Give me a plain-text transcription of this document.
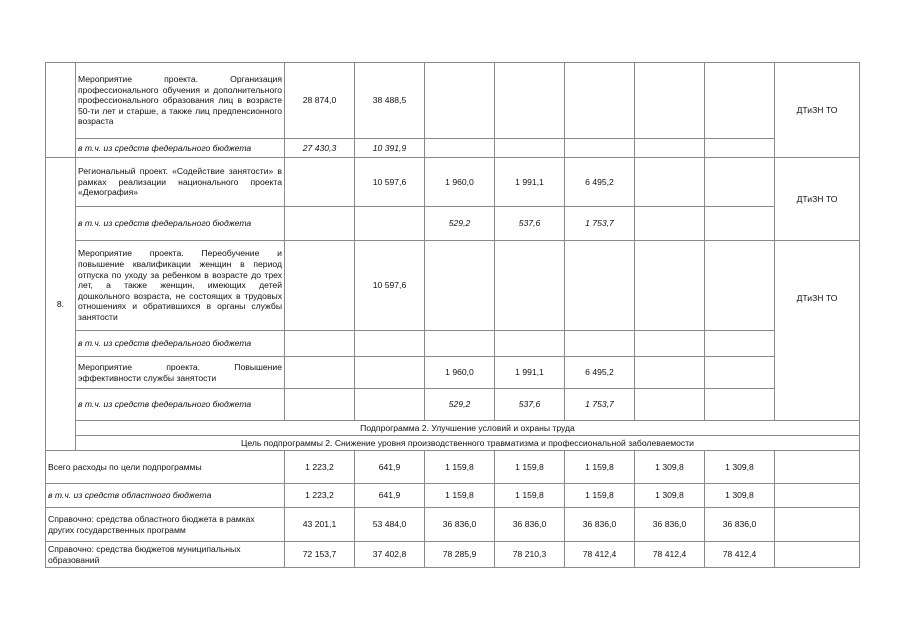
	Мероприятие проекта. Организация профессионального обучения и дополнительного профессионального образования лиц в возрасте 50-ти лет и старше, а также лиц предпенсионного возраста	28 874,0	38 488,5						ДТиЗН ТО
	в т.ч. из средств федерального бюджета	27 430,3	10 391,9						
8.	Региональный проект. «Содействие занятости» в рамках реализации национального проекта «Демография»		10 597,6	1 960,0	1 991,1	6 495,2			ДТиЗН ТО
	в т.ч. из средств федерального бюджета			529,2	537,6	1 753,7			
	Мероприятие проекта. Переобучение и повышение квалификации женщин в период отпуска по уходу за ребенком в возрасте до трех лет, а также женщин, имеющих детей дошкольного возраста, не состоящих в трудовых отношениях и обратившихся в органы службы занятости		10 597,6						ДТиЗН ТО
	в т.ч. из средств федерального бюджета								
	Мероприятие проекта. Повышение эффективности службы занятости			1 960,0	1 991,1	6 495,2			
	в т.ч. из средств федерального бюджета			529,2	537,6	1 753,7			
	Подпрограмма 2. Улучшение условий и охраны труда								
	Цель подпрограммы 2. Снижение уровня производственного травматизма и профессиональной заболеваемости								
Всего расходы по цели подпрограммы		1 223,2	641,9	1 159,8	1 159,8	1 159,8	1 309,8	1 309,8	
в т.ч. из средств областного бюджета		1 223,2	641,9	1 159,8	1 159,8	1 159,8	1 309,8	1 309,8	
Справочно: средства областного бюджета в рамках других государственных программ		43 201,1	53 484,0	36 836,0	36 836,0	36 836,0	36 836,0	36 836,0	
Справочно: средства бюджетов муниципальных образований		72 153,7	37 402,8	78 285,9	78 210,3	78 412,4	78 412,4	78 412,4	
